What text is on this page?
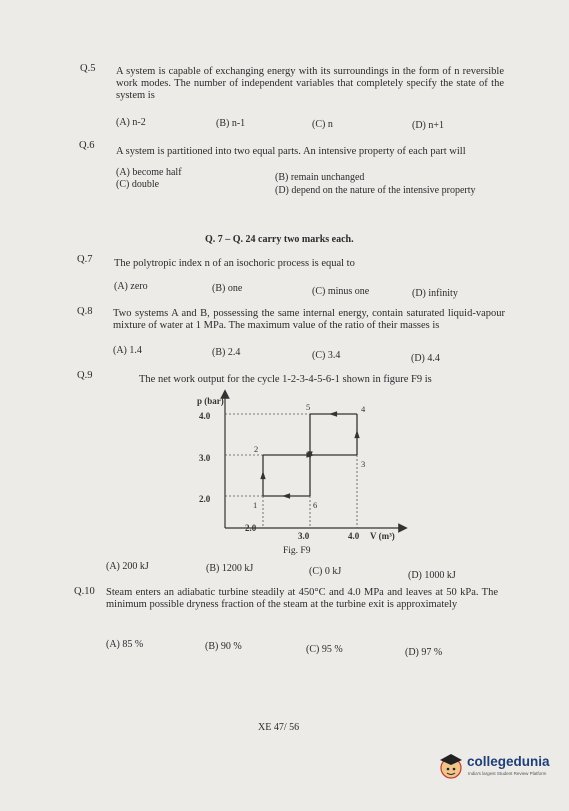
Q.5 A system is capable of exchanging energy with its surroundings in the form of n reversible work modes. The number of independent variables that completely specify the state of the system is
(A) n-2	(B) n-1	(C) n	(D) n+1
Q.6
A system is partitioned into two equal parts. An intensive property of each part will
(A) become half	(B) remain unchanged
(C) double
(D) depend on the nature of the intensive property
Q. 7 – Q. 24 carry two marks each.
Q.7 The polytropic index n of an isochoric process is equal to
(A) zero	(B) one	(C) minus one	(D) infinity
Q.8 Two systems A and B, possessing the same internal energy, contain saturated liquid-vapour mixture of water at 1 MPa. The maximum value of the ratio of their masses is
(A) 1.4	(B) 2.4	(C) 3.4	(D) 4.4
Q.9	The net work output for the cycle 1-2-3-4-5-6-1 shown in figure F9 is
p (bar)
4.0
3.0
2.0
2.0
3.0	4.0 V (m³)
1
2
3
4
5
6
Fig. F9
(A) 200 kJ	(B) 1200 kJ	(C) 0 kJ	(D) 1000 kJ
Q.10 Steam enters an adiabatic turbine steadily at 450°C and 4.0 MPa and leaves at 50 kPa. The minimum possible dryness fraction of the steam at the turbine exit is approximately
(A) 85 %	(B) 90 %	(C) 95 %	(D) 97 %
XE 47/ 56
collegedunia
India's largest Student Review Platform
